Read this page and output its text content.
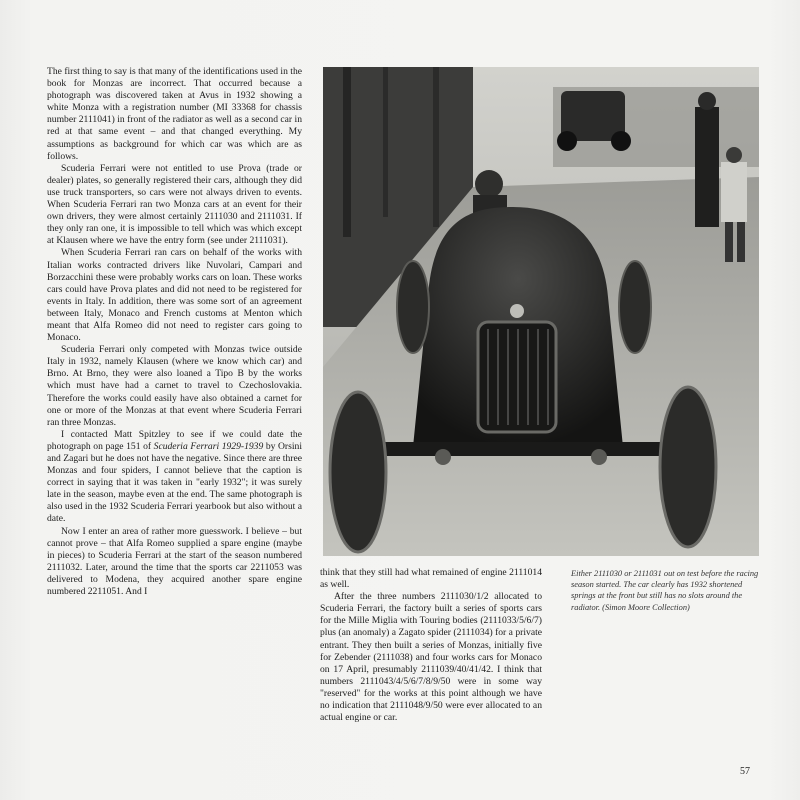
The first thing to say is that many of the identifications used in the book for Monzas are incorrect. That occurred because a photograph was discovered taken at Avus in 1932 showing a white Monza with a registration number (MI 33368 for chassis number 2111041) in front of the radiator as well as a second car in red at that same event – and that changed everything. My assumptions as background for which car was which are as follows.

Scuderia Ferrari were not entitled to use Prova (trade or dealer) plates, so generally registered their cars, although they did use truck transporters, so cars were not always driven to events. When Scuderia Ferrari ran two Monza cars at an event for their own drivers, they were almost certainly 2111030 and 2111031. If they only ran one, it is impossible to tell which was which except at Klausen where we have the entry form (see under 2111031).

When Scuderia Ferrari ran cars on behalf of the works with Italian works contracted drivers like Nuvolari, Campari and Borzacchini these were probably works cars on loan. These works cars could have Prova plates and did not need to be registered for events in Italy. In addition, there was some sort of an agreement between Italy, Monaco and French customs at Menton which meant that Alfa Romeo did not need to register cars going to Monaco.

Scuderia Ferrari only competed with Monzas twice outside Italy in 1932, namely Klausen (where we know which car) and Brno. At Brno, they were also loaned a Tipo B by the works which must have had a carnet to travel to Czechoslovakia. Therefore the works could easily have also obtained a carnet for one or more of the Monzas at that event where Scuderia Ferrari ran three Monzas.

I contacted Matt Spitzley to see if we could date the photograph on page 151 of Scuderia Ferrari 1929-1939 by Orsini and Zagari but he does not have the negative. Since there are three Monzas and four spiders, I cannot believe that the caption is correct in saying that it was taken in "early 1932"; it was surely late in the season, maybe even at the end. The same photograph is also used in the 1932 Scuderia Ferrari yearbook but also without a date.

Now I enter an area of rather more guesswork. I believe – but cannot prove – that Alfa Romeo supplied a spare engine (maybe in pieces) to Scuderia Ferrari at the start of the season numbered 2111032. Later, around the time that the sports car 2211053 was delivered to Modena, they acquired another spare engine numbered 2211051. And I

think that they still had what remained of engine 2111014 as well.

After the three numbers 2111030/1/2 allocated to Scuderia Ferrari, the factory built a series of sports cars for the Mille Miglia with Touring bodies (2111033/5/6/7) plus (an anomaly) a Zagato spider (2111034) for a private entrant. They then built a series of Monzas, initially five for Zebender (2111038) and four works cars for Monaco on 17 April, presumably 2111039/40/41/42. I think that numbers 2111043/4/5/6/7/8/9/50 were in some way "reserved" for the works at this point although we have no indication that 2111048/9/50 were ever allocated to an actual engine or car.

Either 2111030 or 2111031 out on test before the racing season started. The car clearly has 1932 shortened springs at the front but still has no slots around the radiator. (Simon Moore Collection)
57
